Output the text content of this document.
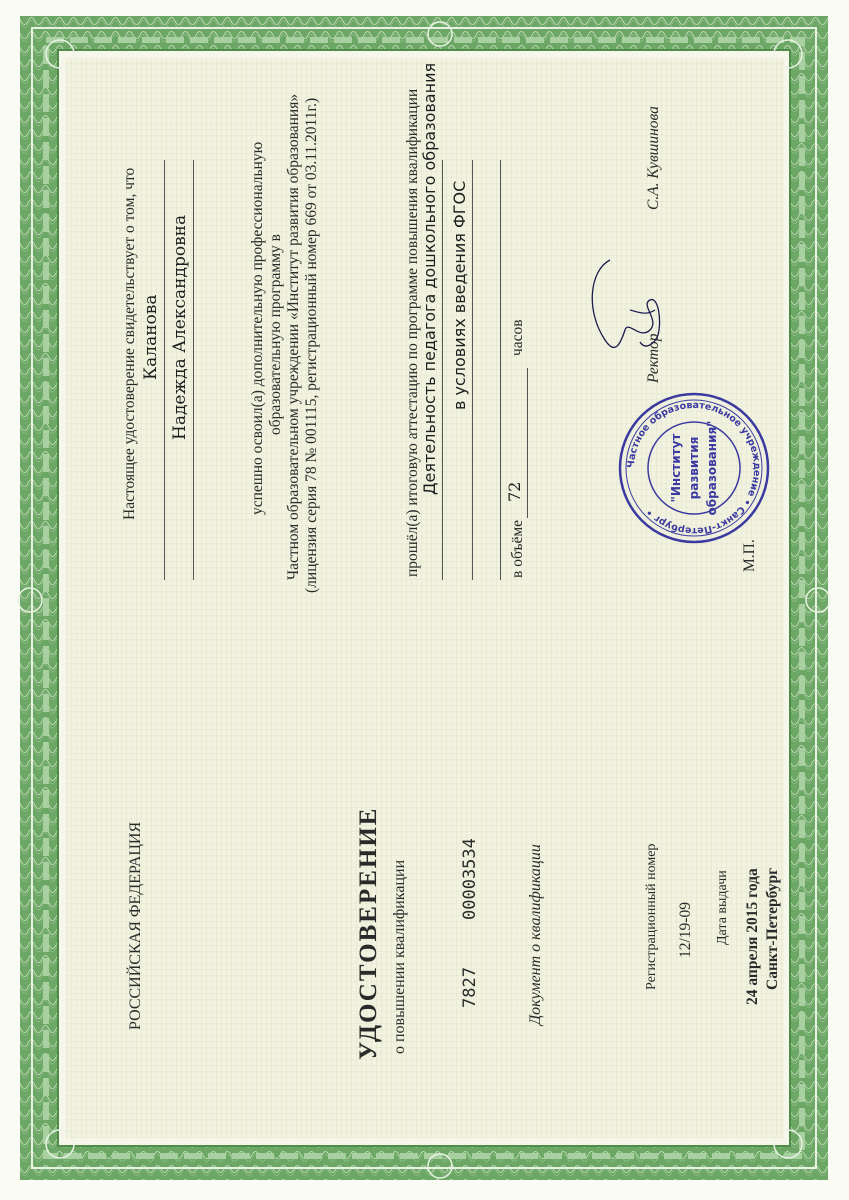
Настоящее удостоверение свидетельствует о том, что Каланова Надежда Александровна	успешно освоил(а) дополнительную профессиональную образовательную программу в Частном образовательном учреждении «Институт развития образования» (лицензия серия 78 № 001115, регистрационный номер 669 от 03.11.2011г.)	прошёл(а) итоговую аттестацию по программе повышения квалификации Деятельность педагога дошкольного образования в условиях введения ФГОС
в объёме
72
часов	Ректор
С.А. Кувшинова
Частное образовательное учреждение • Санкт-Петербург •
"Институт развития образования"
М.П.
РОССИЙСКАЯ ФЕДЕРАЦИЯ	УДОСТОВЕРЕНИЕ о повышении квалификации	7827
00003534	Документ о квалификации	Регистрационный номер 12/19-09 Дата выдачи 24 апреля 2015 года Санкт-Петербург
